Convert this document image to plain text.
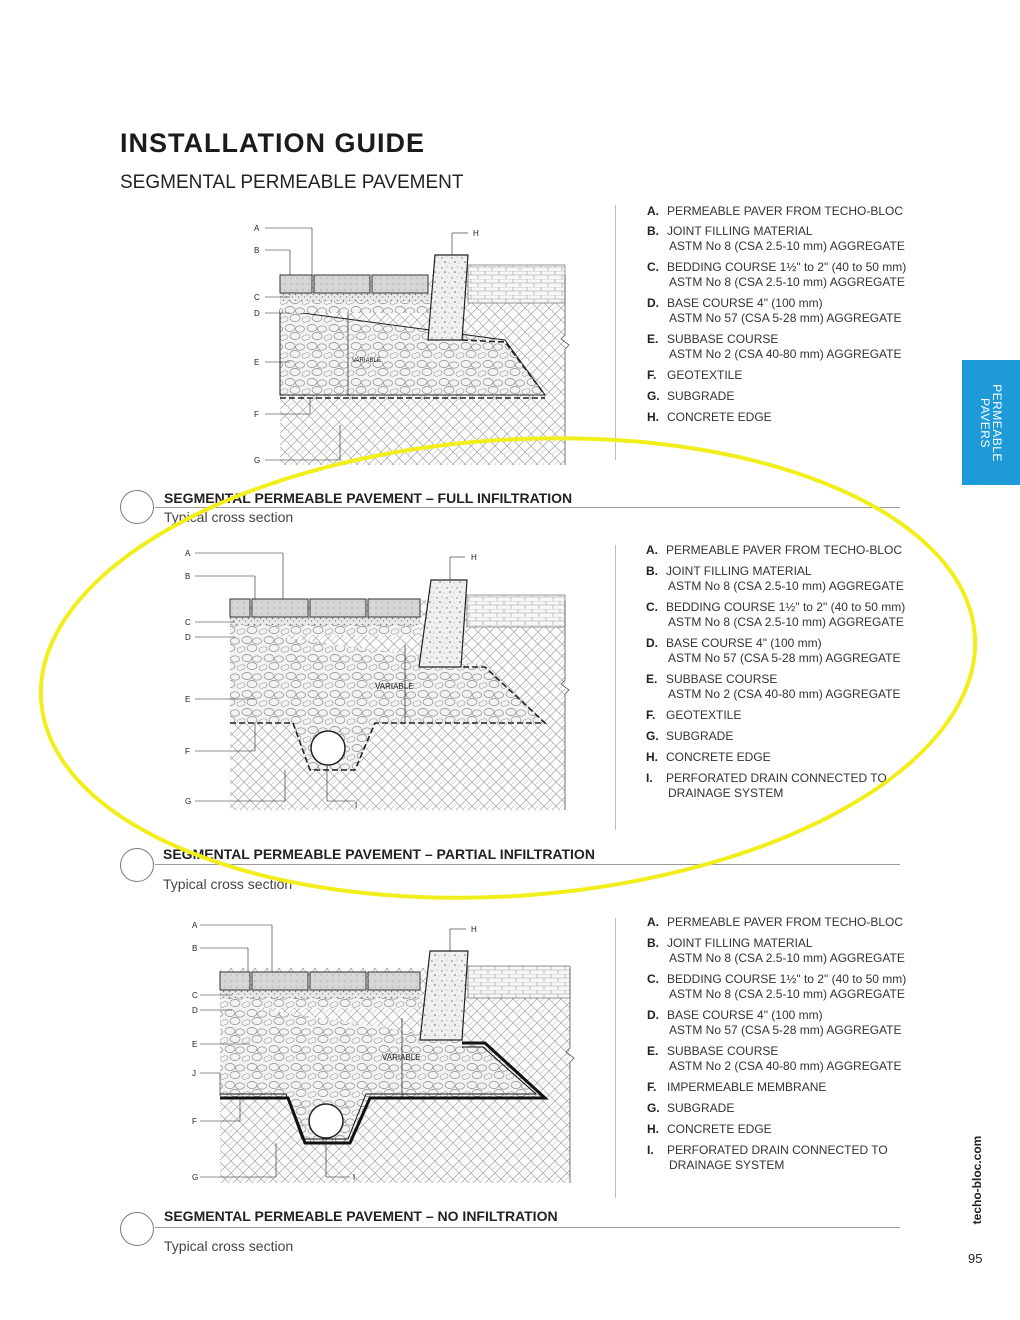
INSTALLATION GUIDE
SEGMENTAL PERMEABLE PAVEMENT
PERMEABLE
PAVERS
VARIABLE
A
B
C
D
E
F
G
H
A. PERMEABLE PAVER FROM TECHO-BLOC
B. JOINT FILLING MATERIAL
ASTM No 8 (CSA 2.5-10 mm) AGGREGATE
C. BEDDING COURSE 1½" to 2" (40 to 50 mm)
ASTM No 8 (CSA 2.5-10 mm) AGGREGATE
D. BASE COURSE 4" (100 mm)
ASTM No 57 (CSA 5-28 mm) AGGREGATE
E. SUBBASE COURSE
ASTM No 2 (CSA 40-80 mm) AGGREGATE
F. GEOTEXTILE
G. SUBGRADE
H. CONCRETE EDGE
SEGMENTAL PERMEABLE PAVEMENT – FULL INFILTRATION
Typical cross section
VARIABLE
A
B
C
D
E
F
G
H
I
A. PERMEABLE PAVER FROM TECHO-BLOC
B. JOINT FILLING MATERIAL
ASTM No 8 (CSA 2.5-10 mm) AGGREGATE
C. BEDDING COURSE 1½" to 2" (40 to 50 mm)
ASTM No 8 (CSA 2.5-10 mm) AGGREGATE
D. BASE COURSE 4" (100 mm)
ASTM No 57 (CSA 5-28 mm) AGGREGATE
E. SUBBASE COURSE
ASTM No 2 (CSA 40-80 mm) AGGREGATE
F. GEOTEXTILE
G. SUBGRADE
H. CONCRETE EDGE
I. PERFORATED DRAIN CONNECTED TO
DRAINAGE SYSTEM
SEGMENTAL PERMEABLE PAVEMENT – PARTIAL INFILTRATION
Typical cross section
VARIABLE
A
B
C
D
E
J
F
G
H
I
A. PERMEABLE PAVER FROM TECHO-BLOC
B. JOINT FILLING MATERIAL
ASTM No 8 (CSA 2.5-10 mm) AGGREGATE
C. BEDDING COURSE 1½" to 2" (40 to 50 mm)
ASTM No 8 (CSA 2.5-10 mm) AGGREGATE
D. BASE COURSE 4" (100 mm)
ASTM No 57 (CSA 5-28 mm) AGGREGATE
E. SUBBASE COURSE
ASTM No 2 (CSA 40-80 mm) AGGREGATE
F. IMPERMEABLE MEMBRANE
G. SUBGRADE
H. CONCRETE EDGE
I. PERFORATED DRAIN CONNECTED TO
DRAINAGE SYSTEM
SEGMENTAL PERMEABLE PAVEMENT – NO INFILTRATION
Typical cross section
techo-bloc.com
95
